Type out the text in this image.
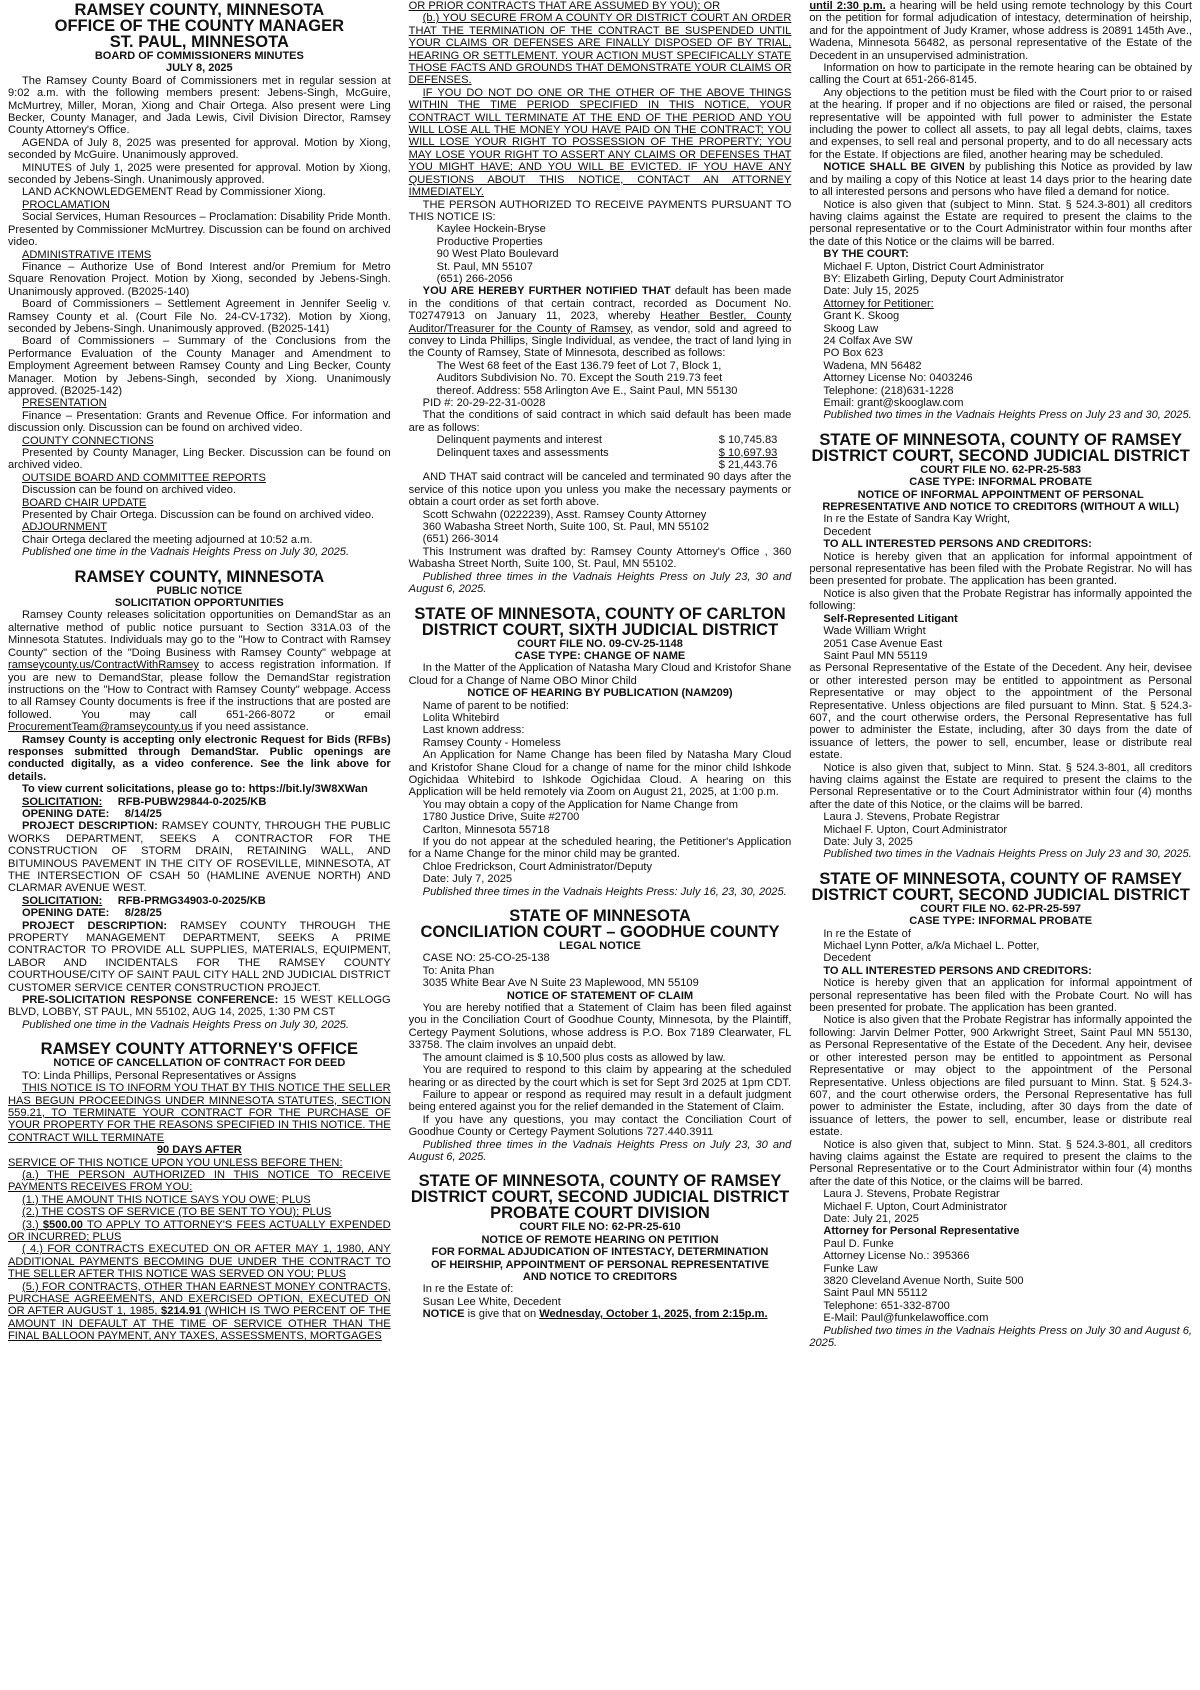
RAMSEY COUNTY, MINNESOTA
OFFICE OF THE COUNTY MANAGER
ST. PAUL, MINNESOTA
BOARD OF COMMISSIONERS MINUTES
JULY 8, 2025

The Ramsey County Board of Commissioners met in regular session at 9:02 a.m. with the following members present: Jebens-Singh, McGuire, McMurtrey, Miller, Moran, Xiong and Chair Ortega. Also present were Ling Becker, County Manager, and Jada Lewis, Civil Division Director, Ramsey County Attorney's Office.

AGENDA of July 8, 2025 was presented for approval. Motion by Xiong, seconded by McGuire. Unanimously approved.

MINUTES of July 1, 2025 were presented for approval. Motion by Xiong, seconded by Jebens-Singh. Unanimously approved.

LAND ACKNOWLEDGEMENT Read by Commissioner Xiong.

PROCLAMATION

Social Services, Human Resources – Proclamation: Disability Pride Month. Presented by Commissioner McMurtrey. Discussion can be found on archived video.

ADMINISTRATIVE ITEMS

Finance – Authorize Use of Bond Interest and/or Premium for Metro Square Renovation Project. Motion by Xiong, seconded by Jebens-Singh. Unanimously approved. (B2025-140)

Board of Commissioners – Settlement Agreement in Jennifer Seelig v. Ramsey County et al. (Court File No. 24-CV-1732). Motion by Xiong, seconded by Jebens-Singh. Unanimously approved. (B2025-141)

Board of Commissioners – Summary of the Conclusions from the Performance Evaluation of the County Manager and Amendment to Employment Agreement between Ramsey County and Ling Becker, County Manager. Motion by Jebens-Singh, seconded by Xiong. Unanimously approved. (B2025-142)

PRESENTATION

Finance – Presentation: Grants and Revenue Office. For information and discussion only. Discussion can be found on archived video.

COUNTY CONNECTIONS

Presented by County Manager, Ling Becker. Discussion can be found on archived video.

OUTSIDE BOARD AND COMMITTEE REPORTS

Discussion can be found on archived video.

BOARD CHAIR UPDATE

Presented by Chair Ortega. Discussion can be found on archived video.

ADJOURNMENT

Chair Ortega declared the meeting adjourned at 10:52 a.m.

Published one time in the Vadnais Heights Press on July 30, 2025.

RAMSEY COUNTY, MINNESOTA
PUBLIC NOTICE
SOLICITATION OPPORTUNITIES

Ramsey County releases solicitation opportunities on DemandStar as an alternative method of public notice pursuant to Section 331A.03 of the Minnesota Statutes. Individuals may go to the "How to Contract with Ramsey County" section of the "Doing Business with Ramsey County" webpage at ramseycounty.us/ContractWithRamsey to access registration information. If you are new to DemandStar, please follow the DemandStar registration instructions on the "How to Contract with Ramsey County" webpage. Access to all Ramsey County documents is free if the instructions that are posted are followed. You may call 651-266-8072 or email ProcurementTeam@ramseycounty.us if you need assistance.

Ramsey County is accepting only electronic Request for Bids (RFBs) responses submitted through DemandStar. Public openings are conducted digitally, as a video conference. See the link above for details.

To view current solicitations, please go to: https://bit.ly/3W8XWan

SOLICITATION: RFB-PUBW29844-0-2025/KB

OPENING DATE: 8/14/25

PROJECT DESCRIPTION: RAMSEY COUNTY, THROUGH THE PUBLIC WORKS DEPARTMENT, SEEKS A CONTRACTOR FOR THE CONSTRUCTION OF STORM DRAIN, RETAINING WALL, AND BITUMINOUS PAVEMENT IN THE CITY OF ROSEVILLE, MINNESOTA, AT THE INTERSECTION OF CSAH 50 (HAMLINE AVENUE NORTH) AND CLARMAR AVENUE WEST.

SOLICITATION: RFB-PRMG34903-0-2025/KB

OPENING DATE: 8/28/25

PROJECT DESCRIPTION: RAMSEY COUNTY THROUGH THE PROPERTY MANAGEMENT DEPARTMENT, SEEKS A PRIME CONTRACTOR TO PROVIDE ALL SUPPLIES, MATERIALS, EQUIPMENT, LABOR AND INCIDENTALS FOR THE RAMSEY COUNTY COURTHOUSE/CITY OF SAINT PAUL CITY HALL 2ND JUDICIAL DISTRICT CUSTOMER SERVICE CENTER CONSTRUCTION PROJECT.

PRE-SOLICITATION RESPONSE CONFERENCE: 15 WEST KELLOGG BLVD, LOBBY, ST PAUL, MN 55102, AUG 14, 2025, 1:30 PM CST

Published one time in the Vadnais Heights Press on July 30, 2025.

RAMSEY COUNTY ATTORNEY'S OFFICE
NOTICE OF CANCELLATION OF CONTRACT FOR DEED

TO: Linda Phillips, Personal Representatives or Assigns

THIS NOTICE IS TO INFORM YOU THAT BY THIS NOTICE THE SELLER HAS BEGUN PROCEEDINGS UNDER MINNESOTA STATUTES, SECTION 559.21, TO TERMINATE YOUR CONTRACT FOR THE PURCHASE OF YOUR PROPERTY FOR THE REASONS SPECIFIED IN THIS NOTICE. THE CONTRACT WILL TERMINATE

90 DAYS AFTER

SERVICE OF THIS NOTICE UPON YOU UNLESS BEFORE THEN:

(a.) THE PERSON AUTHORIZED IN THIS NOTICE TO RECEIVE PAYMENTS RECEIVES FROM YOU:

(1.) THE AMOUNT THIS NOTICE SAYS YOU OWE; PLUS

(2.) THE COSTS OF SERVICE (TO BE SENT TO YOU); PLUS

(3.) $500.00 TO APPLY TO ATTORNEY'S FEES ACTUALLY EXPENDED OR INCURRED; PLUS

( 4.) FOR CONTRACTS EXECUTED ON OR AFTER MAY 1, 1980, ANY ADDITIONAL PAYMENTS BECOMING DUE UNDER THE CONTRACT TO THE SELLER AFTER THIS NOTICE WAS SERVED ON YOU; PLUS

(5.) FOR CONTRACTS, OTHER THAN EARNEST MONEY CONTRACTS, PURCHASE AGREEMENTS, AND EXERCISED OPTION, EXECUTED ON OR AFTER AUGUST 1, 1985, $214.91 (WHICH IS TWO PERCENT OF THE AMOUNT IN DEFAULT AT THE TIME OF SERVICE OTHER THAN THE FINAL BALLOON PAYMENT, ANY TAXES, ASSESSMENTS, MORTGAGES

OR PRIOR CONTRACTS THAT ARE ASSUMED BY YOU); OR

(b.) YOU SECURE FROM A COUNTY OR DISTRICT COURT AN ORDER THAT THE TERMINATION OF THE CONTRACT BE SUSPENDED UNTIL YOUR CLAIMS OR DEFENSES ARE FINALLY DISPOSED OF BY TRIAL, HEARING OR SETTLEMENT. YOUR ACTION MUST SPECIFICALLY STATE THOSE FACTS AND GROUNDS THAT DEMONSTRATE YOUR CLAIMS OR DEFENSES.

IF YOU DO NOT DO ONE OR THE OTHER OF THE ABOVE THINGS WITHIN THE TIME PERIOD SPECIFIED IN THIS NOTICE, YOUR CONTRACT WILL TERMINATE AT THE END OF THE PERIOD AND YOU WILL LOSE ALL THE MONEY YOU HAVE PAID ON THE CONTRACT; YOU WILL LOSE YOUR RIGHT TO POSSESSION OF THE PROPERTY; YOU MAY LOSE YOUR RIGHT TO ASSERT ANY CLAIMS OR DEFENSES THAT YOU MIGHT HAVE; AND YOU WILL BE EVICTED. IF YOU HAVE ANY QUESTIONS ABOUT THIS NOTICE, CONTACT AN ATTORNEY IMMEDIATELY.

THE PERSON AUTHORIZED TO RECEIVE PAYMENTS PURSUANT TO THIS NOTICE IS:

Kaylee Hockein-Bryse

Productive Properties

90 West Plato Boulevard

St. Paul, MN 55107

(651) 266-2056

YOU ARE HEREBY FURTHER NOTIFIED THAT default has been made in the conditions of that certain contract, recorded as Document No. T02747913 on January 11, 2023, whereby Heather Bestler, County Auditor/Treasurer for the County of Ramsey, as vendor, sold and agreed to convey to Linda Phillips, Single Individual, as vendee, the tract of land lying in the County of Ramsey, State of Minnesota, described as follows:

The West 68 feet of the East 136.79 feet of Lot 7, Block 1,

Auditors Subdivision No. 70. Except the South 219.73 feet

thereof. Address: 558 Arlington Ave E., Saint Paul, MN 55130

PID #: 20-29-22-31-0028

That the conditions of said contract in which said default has been made are as follows:

Delinquent payments and interest	$ 10,745.83
Delinquent taxes and assessments	$ 10,697.93
$ 21,443.76

AND THAT said contract will be canceled and terminated 90 days after the service of this notice upon you unless you make the necessary payments or obtain a court order as set forth above.

Scott Schwahn (0222239), Asst. Ramsey County Attorney

360 Wabasha Street North, Suite 100, St. Paul, MN 55102

(651) 266-3014

This Instrument was drafted by: Ramsey County Attorney's Office , 360 Wabasha Street North, Suite 100, St. Paul, MN 55102.

Published three times in the Vadnais Heights Press on July 23, 30 and August 6, 2025.

STATE OF MINNESOTA, COUNTY OF CARLTON
DISTRICT COURT, SIXTH JUDICIAL DISTRICT
COURT FILE NO. 09-CV-25-1148
CASE TYPE: CHANGE OF NAME

In the Matter of the Application of Natasha Mary Cloud and Kristofor Shane Cloud for a Change of Name OBO Minor Child

NOTICE OF HEARING BY PUBLICATION (NAM209)

Name of parent to be notified:

Lolita Whitebird

Last known address:

Ramsey County - Homeless

An Application for Name Change has been filed by Natasha Mary Cloud and Kristofor Shane Cloud for a change of name for the minor child Ishkode Ogichidaa Whitebird to Ishkode Ogichidaa Cloud. A hearing on this Application will be held remotely via Zoom on August 21, 2025, at 1:00 p.m.

You may obtain a copy of the Application for Name Change from

1780 Justice Drive, Suite #2700

Carlton, Minnesota 55718

If you do not appear at the scheduled hearing, the Petitioner's Application for a Name Change for the minor child may be granted.

Chloe Fredrickson, Court Administrator/Deputy

Date: July 7, 2025

Published three times in the Vadnais Heights Press: July 16, 23, 30, 2025.

STATE OF MINNESOTA
CONCILIATION COURT – GOODHUE COUNTY
LEGAL NOTICE

CASE NO: 25-CO-25-138

To: Anita Phan

3035 White Bear Ave N Suite 23 Maplewood, MN 55109

NOTICE OF STATEMENT OF CLAIM

You are hereby notified that a Statement of Claim has been filed against you in the Conciliation Court of Goodhue County, Minnesota, by the Plaintiff, Certegy Payment Solutions, whose address is P.O. Box 7189 Clearwater, FL 33758. The claim involves an unpaid debt.

The amount claimed is $ 10,500 plus costs as allowed by law.

You are required to respond to this claim by appearing at the scheduled hearing or as directed by the court which is set for Sept 3rd 2025 at 1pm CDT.

Failure to appear or respond as required may result in a default judgment being entered against you for the relief demanded in the Statement of Claim.

If you have any questions, you may contact the Conciliation Court of Goodhue County or Certegy Payment Solutions 727.440.3911

Published three times in the Vadnais Heights Press on July 23, 30 and August 6, 2025.

STATE OF MINNESOTA, COUNTY OF RAMSEY
DISTRICT COURT, SECOND JUDICIAL DISTRICT
PROBATE COURT DIVISION
COURT FILE NO: 62-PR-25-610
NOTICE OF REMOTE HEARING ON PETITION
FOR FORMAL ADJUDICATION OF INTESTACY, DETERMINATION
OF HEIRSHIP, APPOINTMENT OF PERSONAL REPRESENTATIVE
AND NOTICE TO CREDITORS

In re the Estate of:

Susan Lee White, Decedent

NOTICE is give that on Wednesday, October 1, 2025, from 2:15p.m.

until 2:30 p.m. a hearing will be held using remote technology by this Court on the petition for formal adjudication of intestacy, determination of heirship, and for the appointment of Judy Kramer, whose address is 20891 145th Ave., Wadena, Minnesota 56482, as personal representative of the Estate of the Decedent in an unsupervised administration.

Information on how to participate in the remote hearing can be obtained by calling the Court at 651-266-8145.

Any objections to the petition must be filed with the Court prior to or raised at the hearing. If proper and if no objections are filed or raised, the personal representative will be appointed with full power to administer the Estate including the power to collect all assets, to pay all legal debts, claims, taxes and expenses, to sell real and personal property, and to do all necessary acts for the Estate. If objections are filed, another hearing may be scheduled.

NOTICE SHALL BE GIVEN by publishing this Notice as provided by law and by mailing a copy of this Notice at least 14 days prior to the hearing date to all interested persons and persons who have filed a demand for notice.

Notice is also given that (subject to Minn. Stat. § 524.3-801) all creditors having claims against the Estate are required to present the claims to the personal representative or to the Court Administrator within four months after the date of this Notice or the claims will be barred.

BY THE COURT:

Michael F. Upton, District Court Administrator

BY: Elizabeth Girling, Deputy Court Administrator

Date: July 15, 2025

Attorney for Petitioner:

Grant K. Skoog

Skoog Law

24 Colfax Ave SW

PO Box 623

Wadena, MN 56482

Attorney License No: 0403246

Telephone: (218)631-1228

Email: grant@skooglaw.com

Published two times in the Vadnais Heights Press on July 23 and 30, 2025.

STATE OF MINNESOTA, COUNTY OF RAMSEY
DISTRICT COURT, SECOND JUDICIAL DISTRICT
COURT FILE NO. 62-PR-25-583
CASE TYPE: INFORMAL PROBATE
NOTICE OF INFORMAL APPOINTMENT OF PERSONAL
REPRESENTATIVE AND NOTICE TO CREDITORS (WITHOUT A WILL)

In re the Estate of Sandra Kay Wright,

Decedent

TO ALL INTERESTED PERSONS AND CREDITORS:

Notice is hereby given that an application for informal appointment of personal representative has been filed with the Probate Registrar. No will has been presented for probate. The application has been granted.

Notice is also given that the Probate Registrar has informally appointed the following:

Self-Represented Litigant

Wade William Wright

2051 Case Avenue East

Saint Paul MN 55119

as Personal Representative of the Estate of the Decedent. Any heir, devisee or other interested person may be entitled to appointment as Personal Representative or may object to the appointment of the Personal Representative. Unless objections are filed pursuant to Minn. Stat. § 524.3-607, and the court otherwise orders, the Personal Representative has full power to administer the Estate, including, after 30 days from the date of issuance of letters, the power to sell, encumber, lease or distribute real estate.

Notice is also given that, subject to Minn. Stat. § 524.3-801, all creditors having claims against the Estate are required to present the claims to the Personal Representative or to the Court Administrator within four (4) months after the date of this Notice, or the claims will be barred.

Laura J. Stevens, Probate Registrar

Michael F. Upton, Court Administrator

Date: July 3, 2025

Published two times in the Vadnais Heights Press on July 23 and 30, 2025.

STATE OF MINNESOTA, COUNTY OF RAMSEY
DISTRICT COURT, SECOND JUDICIAL DISTRICT
COURT FILE NO. 62-PR-25-597
CASE TYPE: INFORMAL PROBATE

In re the Estate of

Michael Lynn Potter, a/k/a Michael L. Potter,

Decedent

TO ALL INTERESTED PERSONS AND CREDITORS:

Notice is hereby given that an application for informal appointment of personal representative has been filed with the Probate Court. No will has been presented for probate. The application has been granted.

Notice is also given that the Probate Registrar has informally appointed the following: Jarvin Delmer Potter, 900 Arkwright Street, Saint Paul MN 55130, as Personal Representative of the Estate of the Decedent. Any heir, devisee or other interested person may be entitled to appointment as Personal Representative or may object to the appointment of the Personal Representative. Unless objections are filed pursuant to Minn. Stat. § 524.3-607, and the court otherwise orders, the Personal Representative has full power to administer the Estate, including, after 30 days from the date of issuance of letters, the power to sell, encumber, lease or distribute real estate.

Notice is also given that, subject to Minn. Stat. § 524.3-801, all creditors having claims against the Estate are required to present the claims to the Personal Representative or to the Court Administrator within four (4) months after the date of this Notice, or the claims will be barred.

Laura J. Stevens, Probate Registrar

Michael F. Upton, Court Administrator

Date: July 21, 2025

Attorney for Personal Representative

Paul D. Funke

Attorney License No.: 395366

Funke Law

3820 Cleveland Avenue North, Suite 500

Saint Paul MN 55112

Telephone: 651-332-8700

E-Mail: Paul@funkelawoffice.com

Published two times in the Vadnais Heights Press on July 30 and August 6, 2025.
